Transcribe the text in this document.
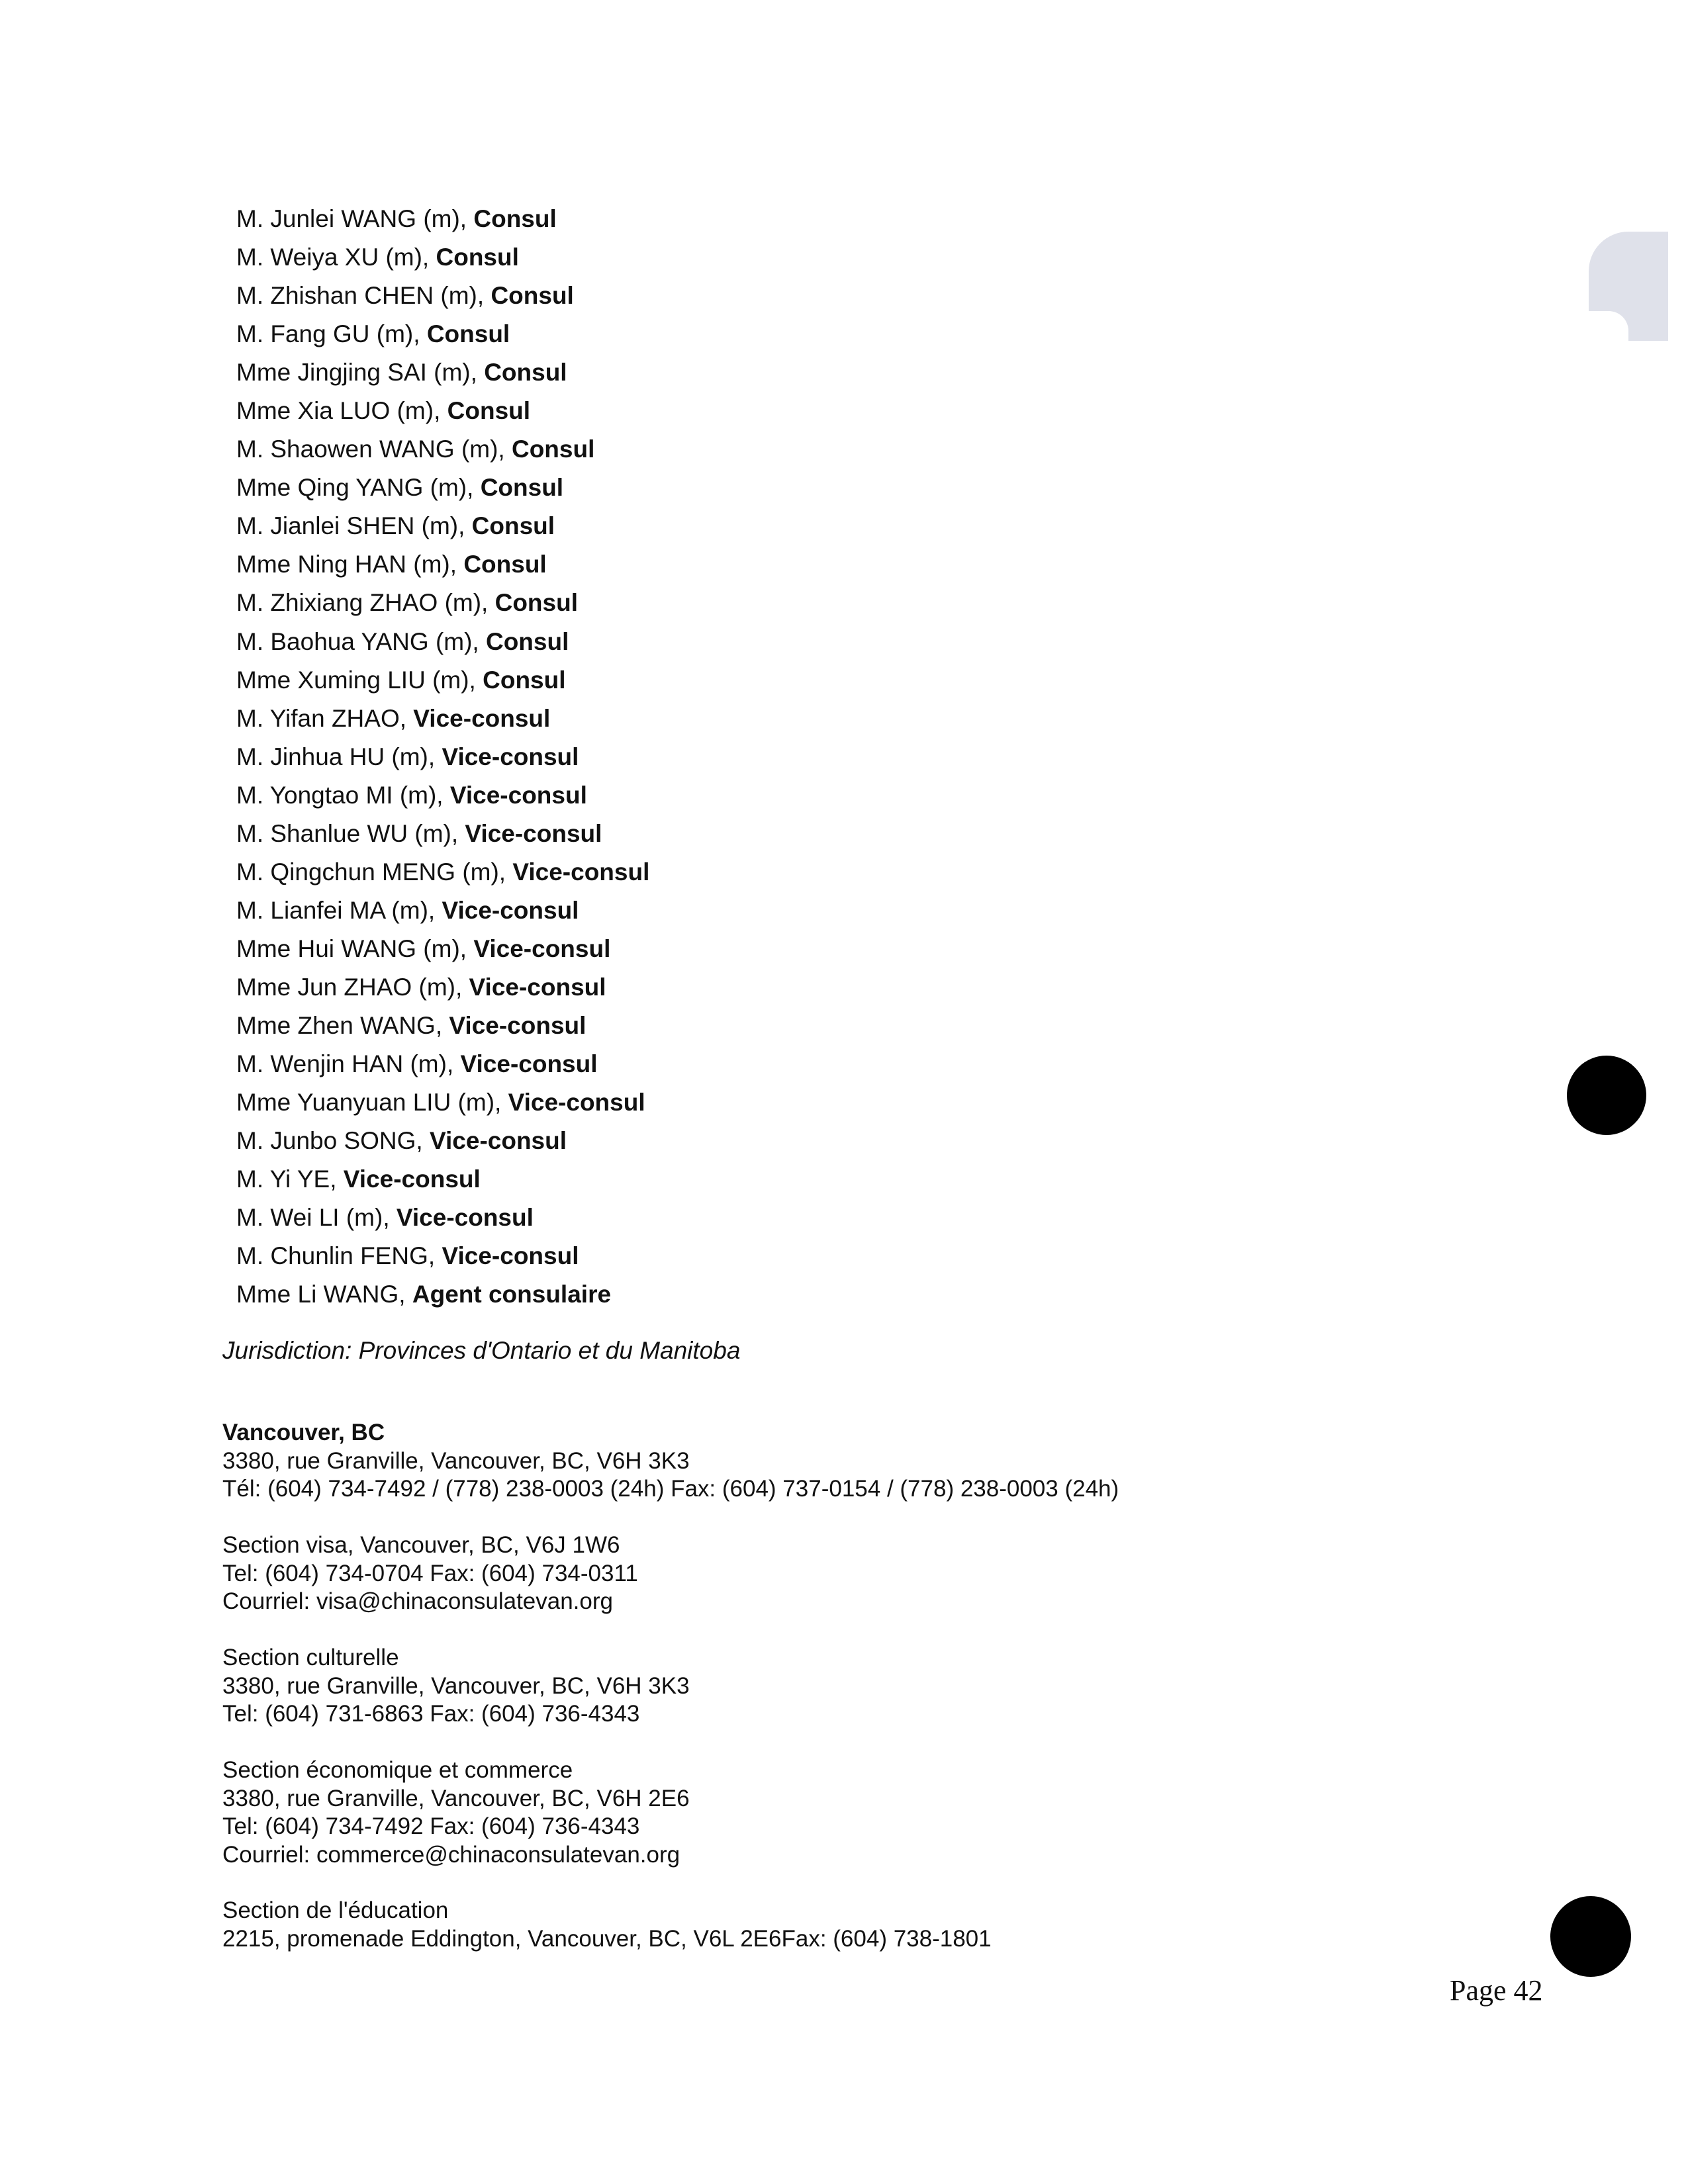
M. Junlei WANG (m), Consul
M. Weiya XU (m), Consul
M. Zhishan CHEN (m), Consul
M. Fang GU (m), Consul
Mme Jingjing SAI (m), Consul
Mme Xia LUO (m), Consul
M. Shaowen WANG (m), Consul
Mme Qing YANG (m), Consul
M. Jianlei SHEN (m), Consul
Mme Ning HAN (m), Consul
M. Zhixiang ZHAO (m), Consul
M. Baohua YANG (m), Consul
Mme Xuming LIU (m), Consul
M. Yifan ZHAO, Vice-consul
M. Jinhua HU (m), Vice-consul
M. Yongtao MI (m), Vice-consul
M. Shanlue WU (m), Vice-consul
M. Qingchun MENG (m), Vice-consul
M. Lianfei MA (m), Vice-consul
Mme Hui WANG (m), Vice-consul
Mme Jun ZHAO (m), Vice-consul
Mme Zhen WANG, Vice-consul
M. Wenjin HAN (m), Vice-consul
Mme Yuanyuan LIU (m), Vice-consul
M. Junbo SONG, Vice-consul
M. Yi YE, Vice-consul
M. Wei LI (m), Vice-consul
M. Chunlin FENG, Vice-consul
Mme Li WANG, Agent consulaire
Jurisdiction: Provinces d'Ontario et du Manitoba
Vancouver, BC
3380, rue Granville, Vancouver, BC, V6H 3K3
Tél: (604) 734-7492 / (778) 238-0003 (24h) Fax: (604) 737-0154 / (778) 238-0003 (24h)
Section visa, Vancouver, BC, V6J 1W6
Tel: (604) 734-0704 Fax: (604) 734-0311
Courriel: visa@chinaconsulatevan.org
Section culturelle
3380, rue Granville, Vancouver, BC, V6H 3K3
Tel: (604) 731-6863 Fax: (604) 736-4343
Section économique et commerce
3380, rue Granville, Vancouver, BC, V6H 2E6
Tel: (604) 734-7492 Fax: (604) 736-4343
Courriel: commerce@chinaconsulatevan.org
Section de l'éducation
2215, promenade Eddington, Vancouver, BC, V6L 2E6Fax: (604) 738-1801
Page 42
